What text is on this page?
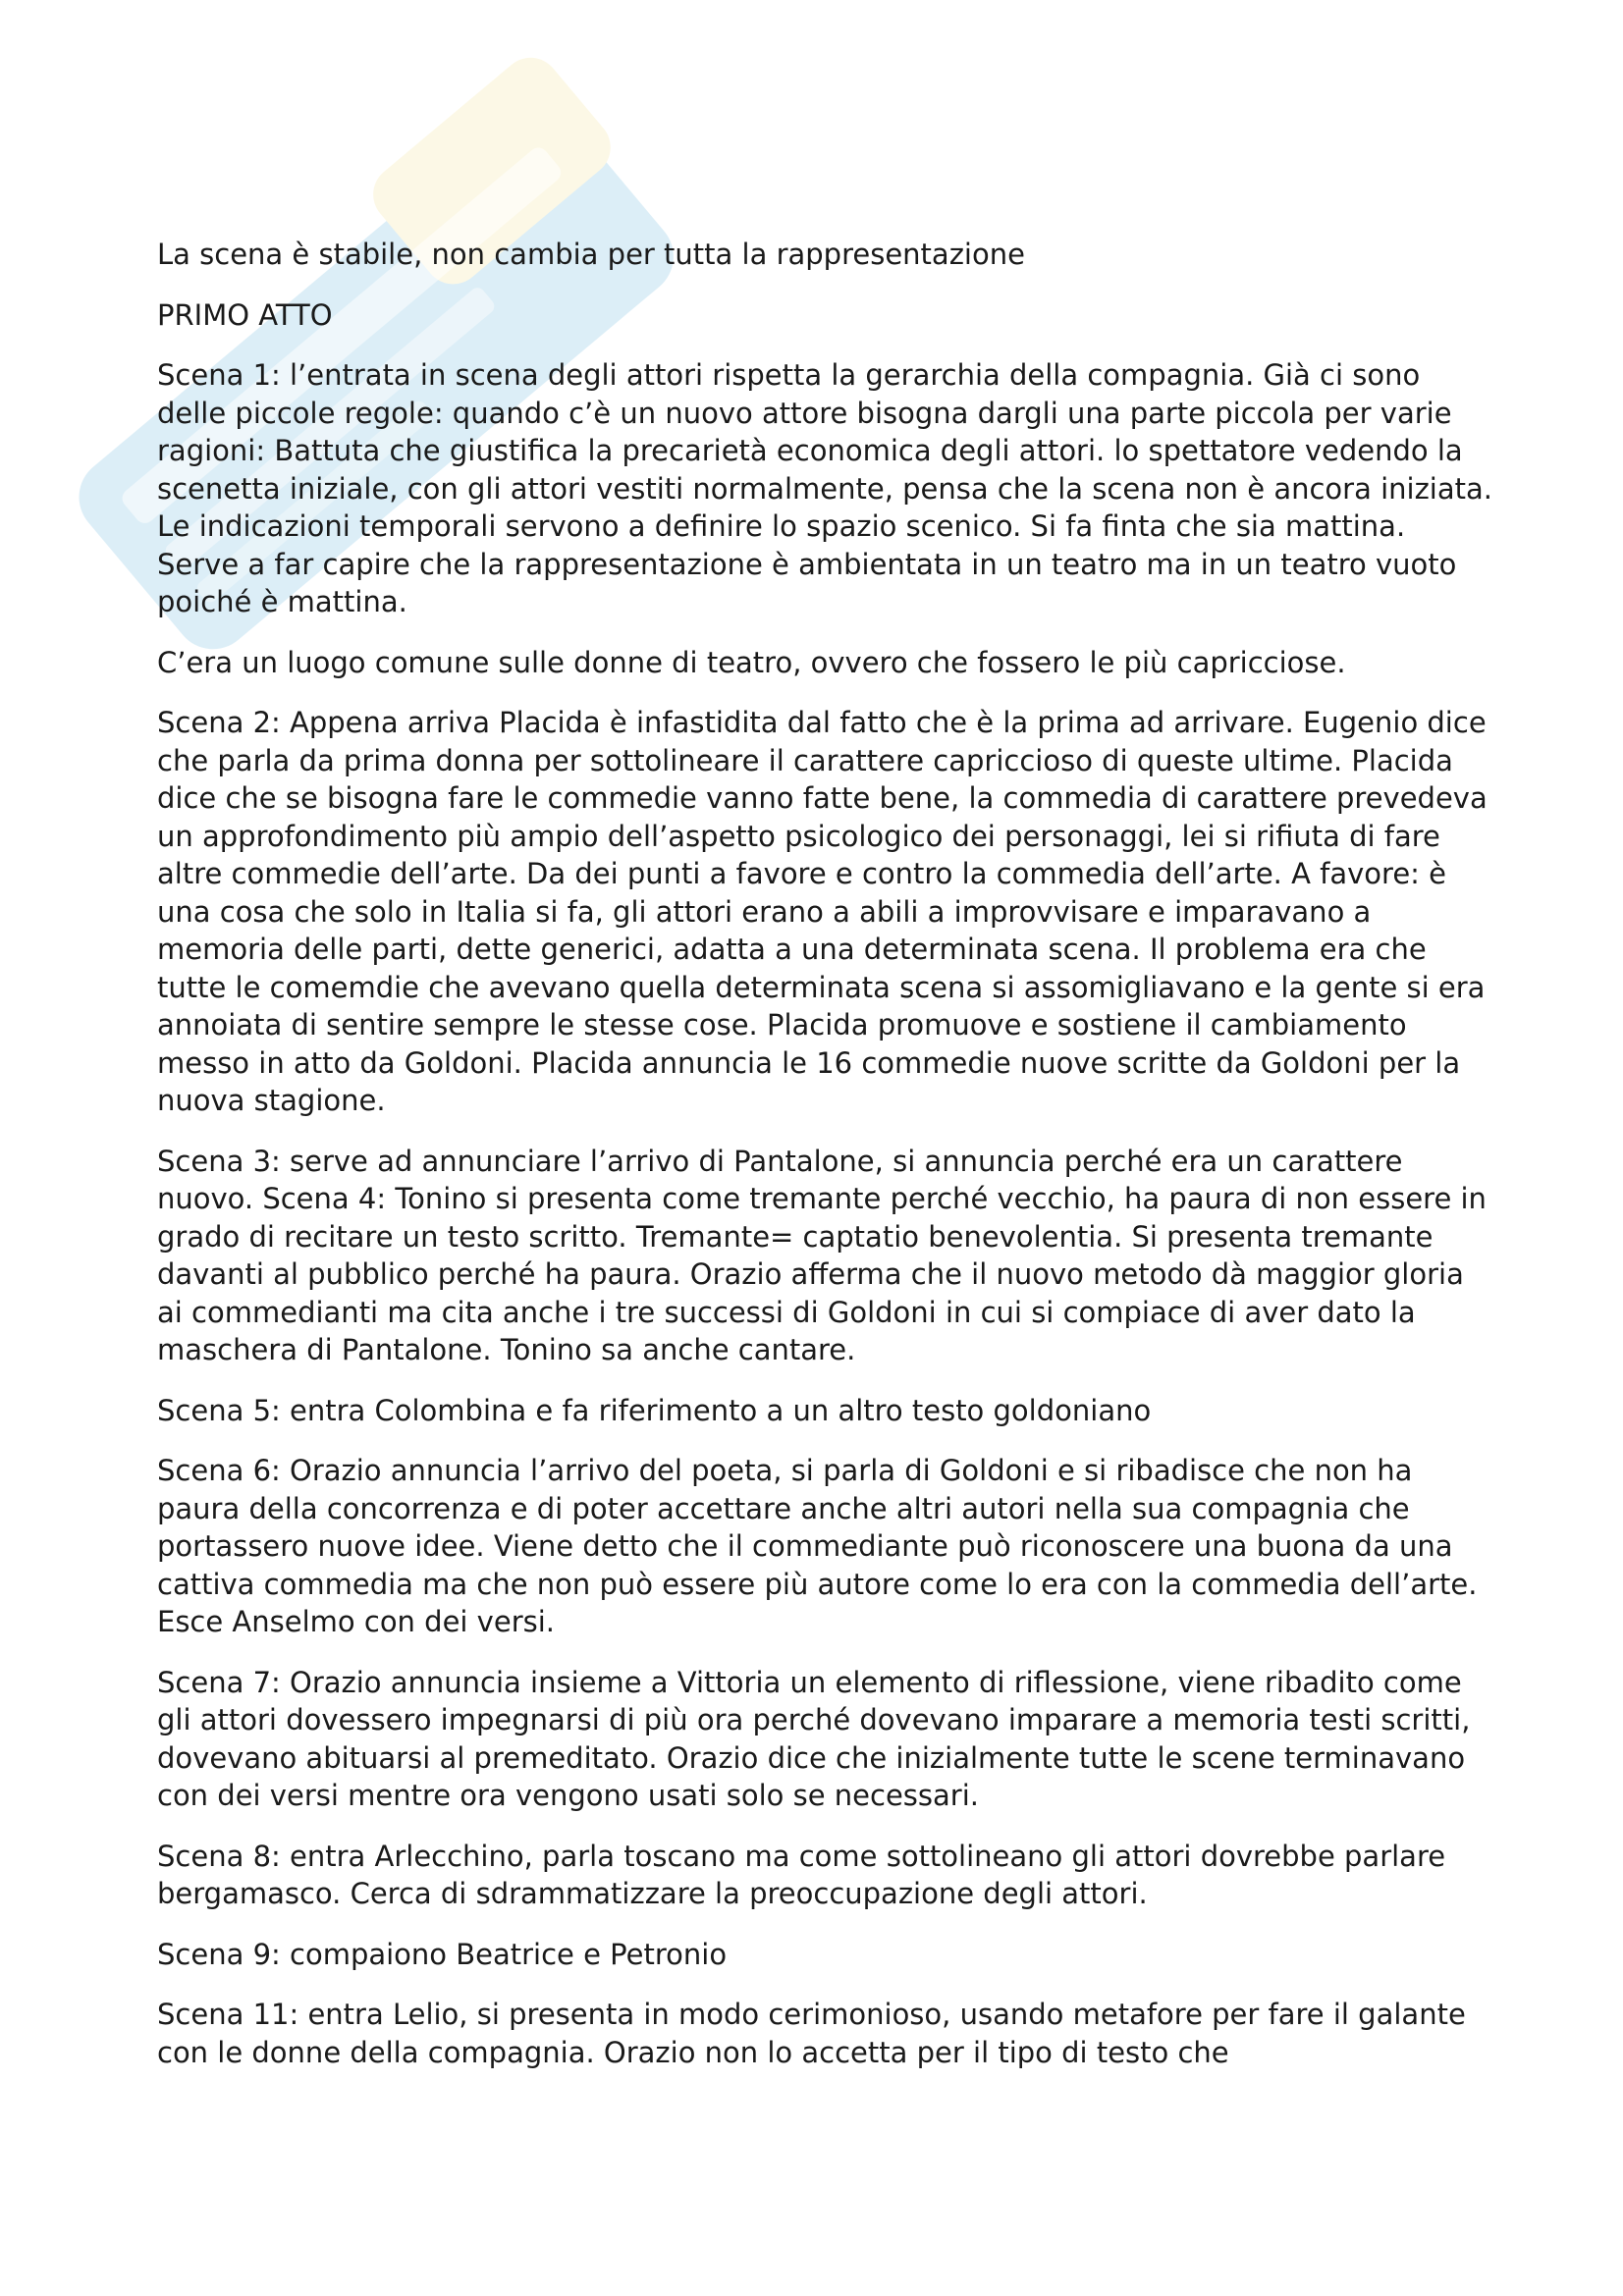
La scena è stabile, non cambia per tutta la rappresentazione

PRIMO ATTO

Scena 1: l’entrata in scena degli attori rispetta la gerarchia della compagnia. Già ci sono delle piccole regole: quando c’è un nuovo attore bisogna dargli una parte piccola per varie ragioni: Battuta che giustifica la precarietà economica degli attori. lo spettatore vedendo la scenetta iniziale, con gli attori vestiti normalmente, pensa che la scena non è ancora iniziata. Le indicazioni temporali servono a definire lo spazio scenico. Si fa finta che sia mattina. Serve a far capire che la rappresentazione è ambientata in un teatro ma in un teatro vuoto poiché è mattina.

C’era un luogo comune sulle donne di teatro, ovvero che fossero le più capricciose.

Scena 2: Appena arriva Placida è infastidita dal fatto che è la prima ad arrivare. Eugenio dice che parla da prima donna per sottolineare il carattere capriccioso di queste ultime. Placida dice che se bisogna fare le commedie vanno fatte bene, la commedia di carattere prevedeva un approfondimento più ampio dell’aspetto psicologico dei personaggi, lei si rifiuta di fare altre commedie dell’arte. Da dei punti a favore e contro la commedia dell’arte. A favore: è una cosa che solo in Italia si fa, gli attori erano a abili a improvvisare e imparavano a memoria delle parti, dette generici, adatta a una determinata scena. Il problema era che tutte le comemdie che avevano quella determinata scena si assomigliavano e la gente si era annoiata di sentire sempre le stesse cose. Placida promuove e sostiene il cambiamento messo in atto da Goldoni. Placida annuncia le 16 commedie nuove scritte da Goldoni per la nuova stagione.

Scena 3: serve ad annunciare l’arrivo di Pantalone, si annuncia perché era un carattere nuovo. Scena 4: Tonino si presenta come tremante perché vecchio, ha paura di non essere in grado di recitare un testo scritto. Tremante= captatio benevolentia. Si presenta tremante davanti al pubblico perché ha paura. Orazio afferma che il nuovo metodo dà maggior gloria ai commedianti ma cita anche i tre successi di Goldoni in cui si compiace di aver dato la maschera di Pantalone. Tonino sa anche cantare.

Scena 5: entra Colombina e fa riferimento a un altro testo goldoniano

Scena 6: Orazio annuncia l’arrivo del poeta, si parla di Goldoni e si ribadisce che non ha paura della concorrenza e di poter accettare anche altri autori nella sua compagnia che portassero nuove idee. Viene detto che il commediante può riconoscere una buona da una cattiva commedia ma che non può essere più autore come lo era con la commedia dell’arte. Esce Anselmo con dei versi.

Scena 7: Orazio annuncia insieme a Vittoria un elemento di riflessione, viene ribadito come gli attori dovessero impegnarsi di più ora perché dovevano imparare a memoria testi scritti, dovevano abituarsi al premeditato. Orazio dice che inizialmente tutte le scene terminavano con dei versi mentre ora vengono usati solo se necessari.

Scena 8: entra Arlecchino, parla toscano ma come sottolineano gli attori dovrebbe parlare bergamasco. Cerca di sdrammatizzare la preoccupazione degli attori.

Scena 9: compaiono Beatrice e Petronio

Scena 11: entra Lelio, si presenta in modo cerimonioso, usando metafore per fare il galante con le donne della compagnia. Orazio non lo accetta per il tipo di testo che
